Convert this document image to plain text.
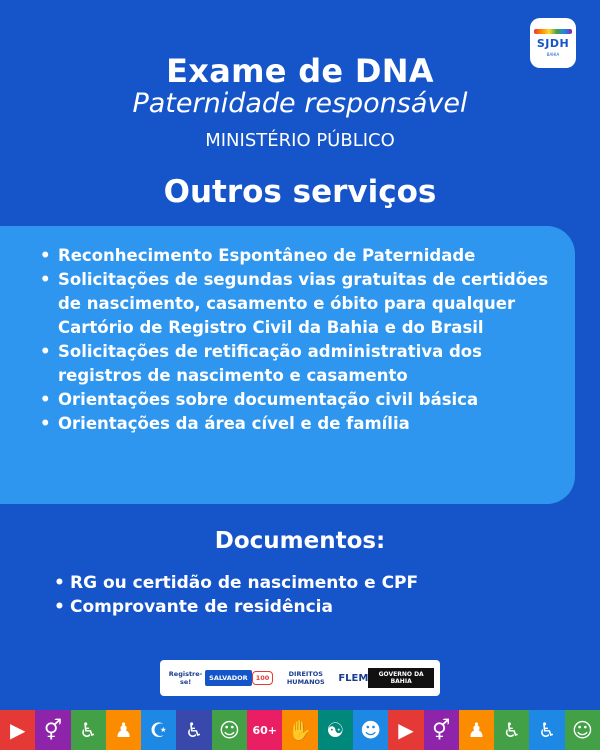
SJDH
BAHIA
Exame de DNA
Paternidade responsável
MINISTÉRIO PÚBLICO
Outros serviços
• Reconhecimento Espontâneo de Paternidade
• Solicitações de segundas vias gratuitas de certidões de nascimento, casamento e óbito para qualquer Cartório de Registro Civil da Bahia e do Brasil
• Solicitações de retificação administrativa dos registros de nascimento e casamento
• Orientações sobre documentação civil básica
• Orientações da área cível e de família
Documentos:
• RG ou certidão de nascimento e CPF
• Comprovante de residência
Registre-se!	SALVADOR	100	DIREITOS HUMANOS	FLEM	GOVERNO DA BAHIA
▶ ⚥ ♿ ♟ ☪ ♿ ☺	60+ ✋ ☯ ☻ ▶ ⚥ ♟ ♿ ♿ ☺
